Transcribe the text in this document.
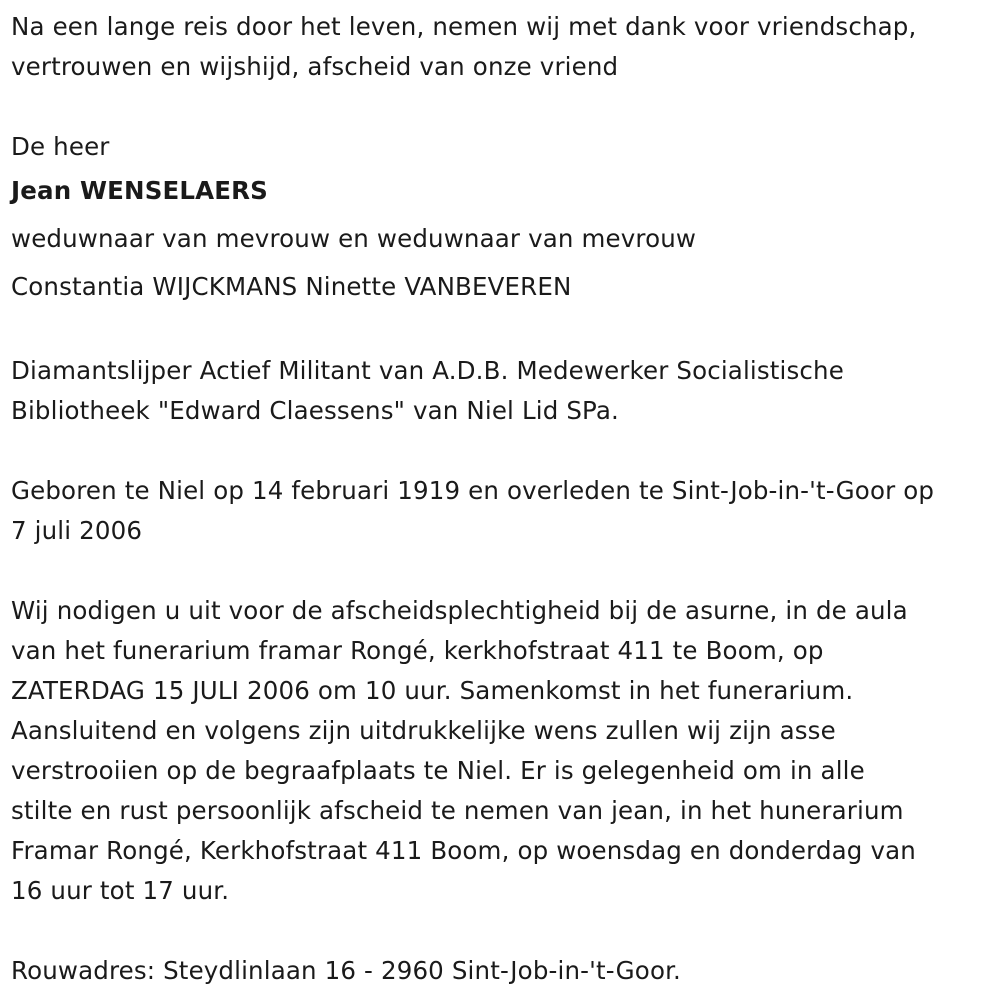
Na een lange reis door het leven, nemen wij met dank voor vriendschap,
vertrouwen en wijshijd, afscheid van onze vriend

De heer

Jean WENSELAERS

weduwnaar van mevrouw en weduwnaar van mevrouw
Constantia WIJCKMANS Ninette VANBEVEREN

Diamantslijper Actief Militant van A.D.B. Medewerker Socialistische
Bibliotheek "Edward Claessens" van Niel Lid SPa.

Geboren te Niel op 14 februari 1919 en overleden te Sint-Job-in-'t-Goor op
7 juli 2006

Wij nodigen u uit voor de afscheidsplechtigheid bij de asurne, in de aula
van het funerarium framar Rongé, kerkhofstraat 411 te Boom, op
ZATERDAG 15 JULI 2006 om 10 uur. Samenkomst in het funerarium.
Aansluitend en volgens zijn uitdrukkelijke wens zullen wij zijn asse
verstrooiien op de begraafplaats te Niel. Er is gelegenheid om in alle
stilte en rust persoonlijk afscheid te nemen van jean, in het hunerarium
Framar Rongé, Kerkhofstraat 411 Boom, op woensdag en donderdag van
16 uur tot 17 uur.

Rouwadres: Steydlinlaan 16 - 2960 Sint-Job-in-'t-Goor.
